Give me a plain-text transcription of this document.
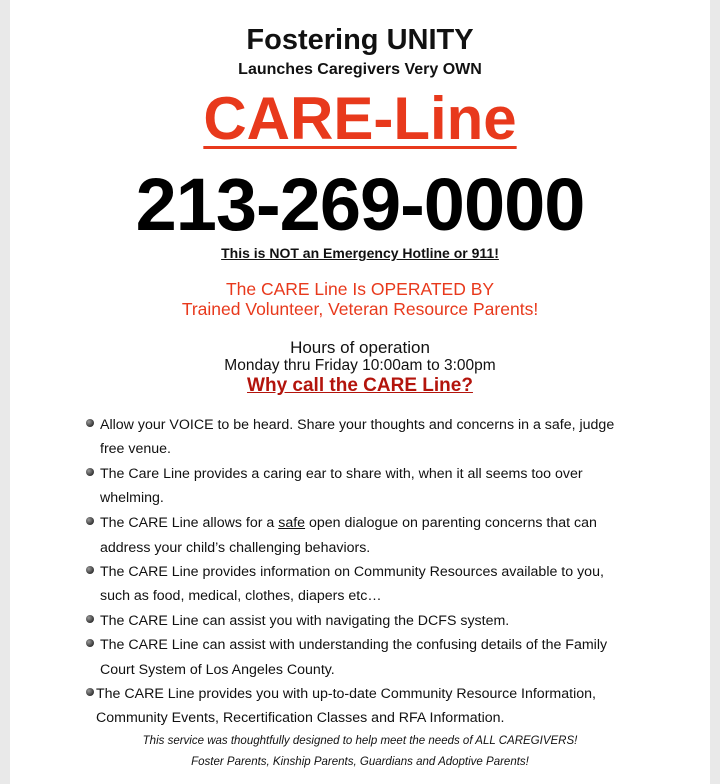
Fostering UNITY
Launches Caregivers Very OWN
CARE-Line
213-269-0000
This is NOT an Emergency Hotline or 911!
The CARE Line Is OPERATED BY
Trained Volunteer, Veteran Resource Parents!
Hours of operation
Monday thru Friday 10:00am to 3:00pm
Why call the CARE Line?
Allow your VOICE to be heard. Share your thoughts and concerns in a safe, judge
free venue.
The Care Line provides a caring ear to share with, when it all seems too over
whelming.
The CARE Line allows for a safe open dialogue on parenting concerns that can
address your child’s challenging behaviors.
The CARE Line provides information on Community Resources available to you,
such as food, medical, clothes, diapers etc…
The CARE Line can assist you with navigating the DCFS system.
The CARE Line can assist with understanding the confusing details of the Family
Court System of Los Angeles County.
The CARE Line provides you with up-to-date Community Resource Information,
Community Events, Recertification Classes and RFA Information.
This service was thoughtfully designed to help meet the needs of ALL CAREGIVERS!
Foster Parents, Kinship Parents, Guardians and Adoptive Parents!
